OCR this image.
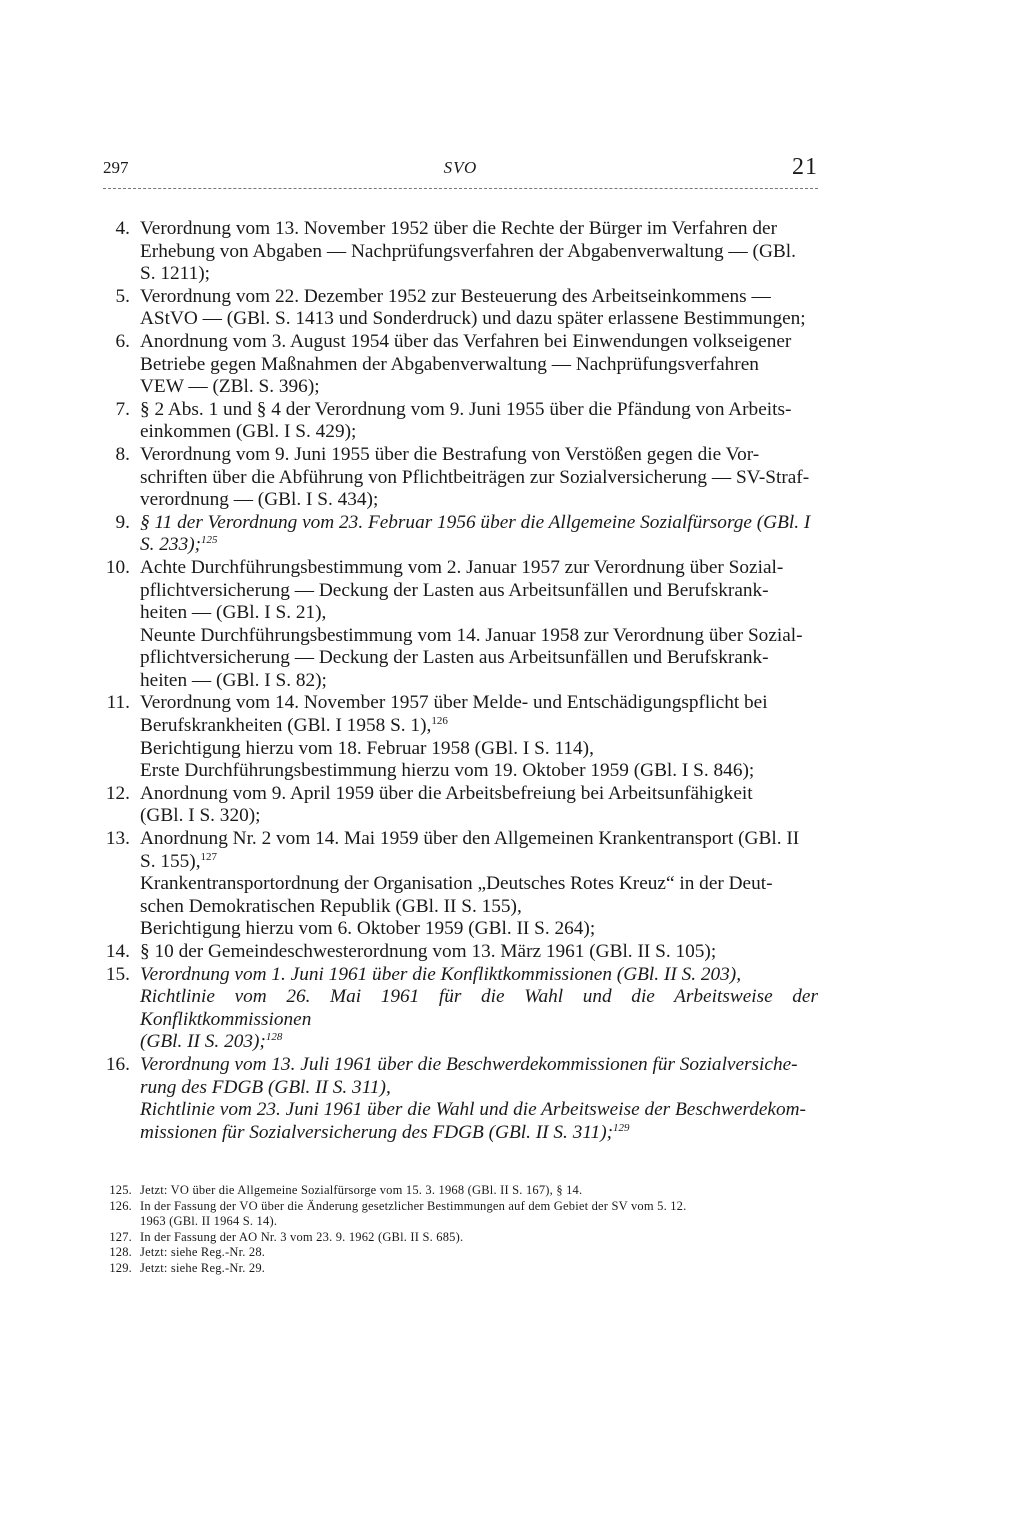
297	SVO	21
4. Verordnung vom 13. November 1952 über die Rechte der Bürger im Verfahren der
Erhebung von Abgaben — Nachprüfungsverfahren der Abgabenverwaltung — (GBl.
S. 1211);
5. Verordnung vom 22. Dezember 1952 zur Besteuerung des Arbeitseinkommens —
AStVO — (GBl. S. 1413 und Sonderdruck) und dazu später erlassene Bestimmungen;
6. Anordnung vom 3. August 1954 über das Verfahren bei Einwendungen volkseigener
Betriebe gegen Maßnahmen der Abgabenverwaltung — Nachprüfungsverfahren
VEW — (ZBl. S. 396);
7. § 2 Abs. 1 und § 4 der Verordnung vom 9. Juni 1955 über die Pfändung von Arbeits-
einkommen (GBl. I S. 429);
8. Verordnung vom 9. Juni 1955 über die Bestrafung von Verstößen gegen die Vor-
schriften über die Abführung von Pflichtbeiträgen zur Sozialversicherung — SV-Straf-
verordnung — (GBl. I S. 434);
9. § 11 der Verordnung vom 23. Februar 1956 über die Allgemeine Sozialfürsorge (GBl. I
S. 233);$^{125}$
10. Achte Durchführungsbestimmung vom 2. Januar 1957 zur Verordnung über Sozial-
pflichtversicherung — Deckung der Lasten aus Arbeitsunfällen und Berufskrank-
heiten — (GBl. I S. 21),
Neunte Durchführungsbestimmung vom 14. Januar 1958 zur Verordnung über Sozial-
pflichtversicherung — Deckung der Lasten aus Arbeitsunfällen und Berufskrank-
heiten — (GBl. I S. 82);
11. Verordnung vom 14. November 1957 über Melde- und Entschädigungspflicht bei
Berufskrankheiten (GBl. I 1958 S. 1),$^{126}$
Berichtigung hierzu vom 18. Februar 1958 (GBl. I S. 114),
Erste Durchführungsbestimmung hierzu vom 19. Oktober 1959 (GBl. I S. 846);
12. Anordnung vom 9. April 1959 über die Arbeitsbefreiung bei Arbeitsunfähigkeit
(GBl. I S. 320);
13. Anordnung Nr. 2 vom 14. Mai 1959 über den Allgemeinen Krankentransport (GBl. II
S. 155),$^{127}$
Krankentransportordnung der Organisation „Deutsches Rotes Kreuz“ in der Deut-
schen Demokratischen Republik (GBl. II S. 155),
Berichtigung hierzu vom 6. Oktober 1959 (GBl. II S. 264);
14. § 10 der Gemeindeschwesterordnung vom 13. März 1961 (GBl. II S. 105);
15. Verordnung vom 1. Juni 1961 über die Konfliktkommissionen (GBl. II S. 203),
Richtlinie vom 26. Mai 1961 für die Wahl und die Arbeitsweise der Konfliktkommissionen
(GBl. II S. 203);$^{128}$
16. Verordnung vom 13. Juli 1961 über die Beschwerdekommissionen für Sozialversiche-
rung des FDGB (GBl. II S. 311),
Richtlinie vom 23. Juni 1961 über die Wahl und die Arbeitsweise der Beschwerdekom-
missionen für Sozialversicherung des FDGB (GBl. II S. 311);$^{129}$
125. Jetzt: VO über die Allgemeine Sozialfürsorge vom 15. 3. 1968 (GBl. II S. 167), § 14.
126. In der Fassung der VO über die Änderung gesetzlicher Bestimmungen auf dem Gebiet der SV vom 5. 12.
1963 (GBl. II 1964 S. 14).
127. In der Fassung der AO Nr. 3 vom 23. 9. 1962 (GBl. II S. 685).
128. Jetzt: siehe Reg.-Nr. 28.
129. Jetzt: siehe Reg.-Nr. 29.
